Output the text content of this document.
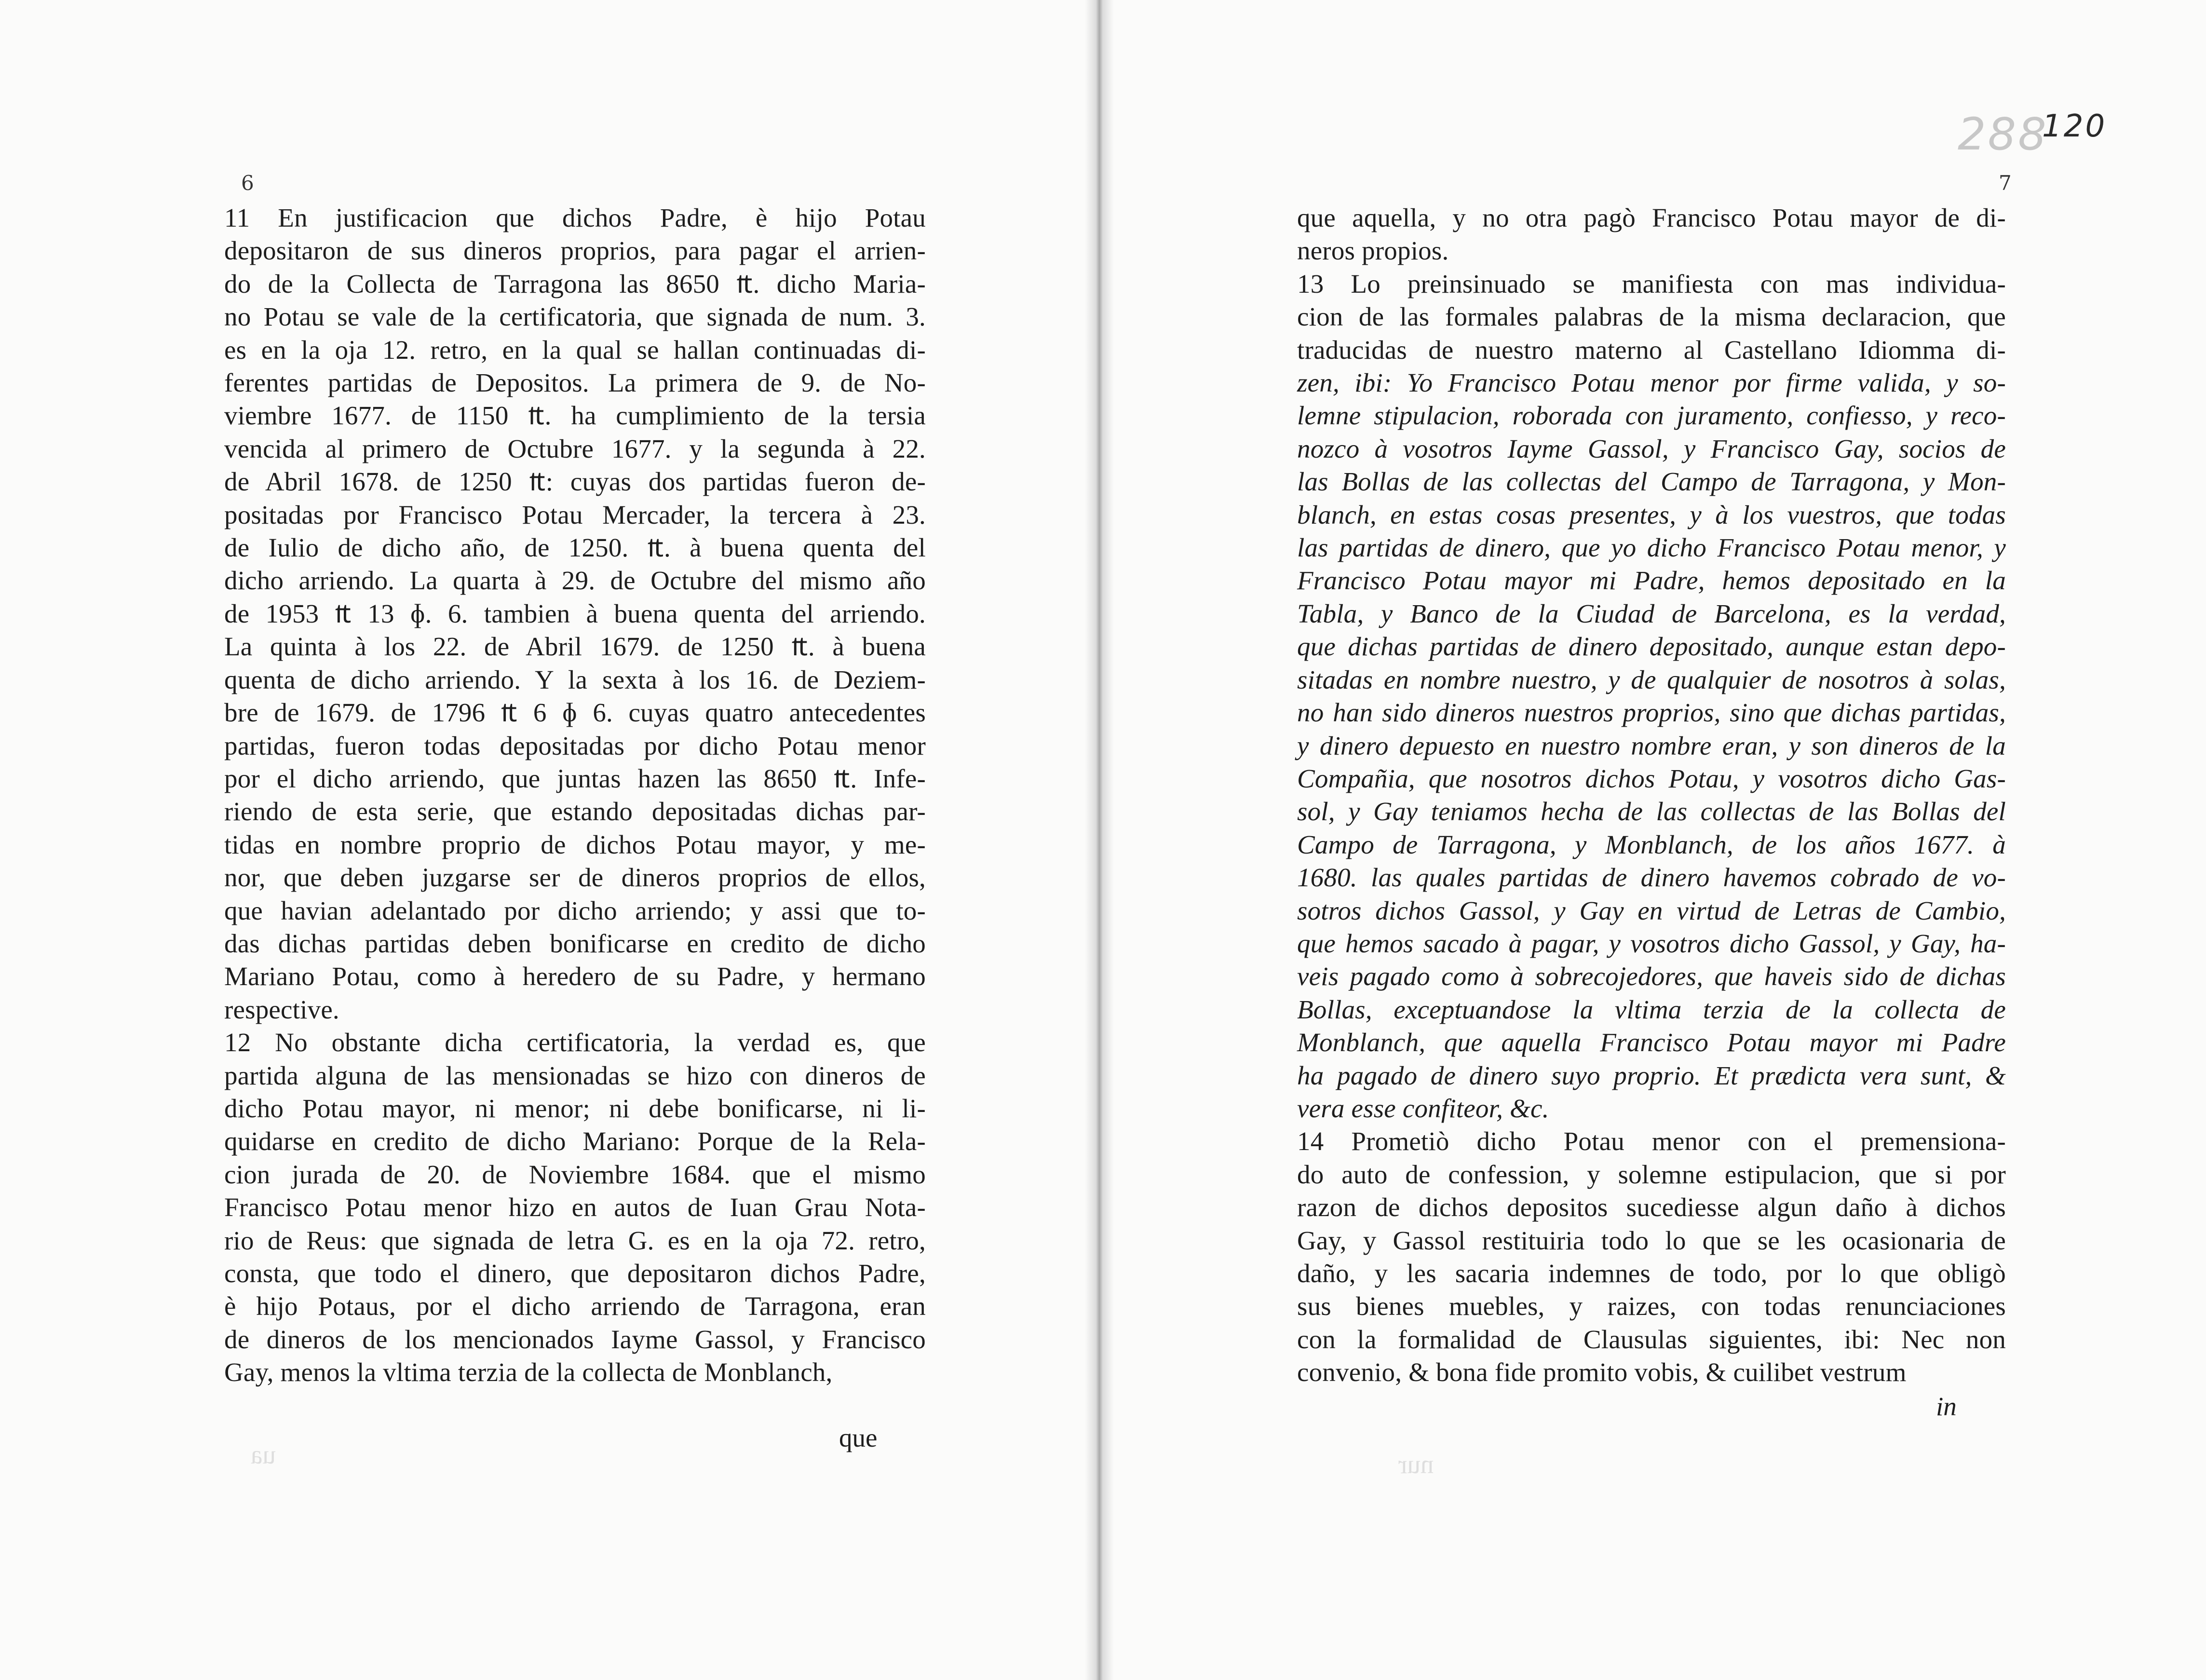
nur
ua
6	7
288
120
11 En justificacion que dichos Padre, è hijo Potau
depositaron de sus dineros proprios, para pagar el arrien-
do de la Collecta de Tarragona las 8650 ₶. dicho Maria-
no Potau se vale de la certificatoria, que signada de num. 3.
es en la oja 12. retro, en la qual se hallan continuadas di-
ferentes partidas de Depositos. La primera de 9. de No-
viembre 1677. de 1150 ₶. ha cumplimiento de la tersia
vencida al primero de Octubre 1677. y la segunda à 22.
de Abril 1678. de 1250 ₶: cuyas dos partidas fueron de-
positadas por Francisco Potau Mercader, la tercera à 23.
de Iulio de dicho año, de 1250. ₶. à buena quenta del
dicho arriendo. La quarta à 29. de Octubre del mismo año
de 1953 ₶ 13 ɸ. 6. tambien à buena quenta del arriendo.
La quinta à los 22. de Abril 1679. de 1250 ₶. à buena
quenta de dicho arriendo. Y la sexta à los 16. de Deziem-
bre de 1679. de 1796 ₶ 6 ɸ 6. cuyas quatro antecedentes
partidas, fueron todas depositadas por dicho Potau menor
por el dicho arriendo, que juntas hazen las 8650 ₶. Infe-
riendo de esta serie, que estando depositadas dichas par-
tidas en nombre proprio de dichos Potau mayor, y me-
nor, que deben juzgarse ser de dineros proprios de ellos,
que havian adelantado por dicho arriendo; y assi que to-
das dichas partidas deben bonificarse en credito de dicho
Mariano Potau, como à heredero de su Padre, y hermano
respective.
12 No obstante dicha certificatoria, la verdad es, que
partida alguna de las mensionadas se hizo con dineros de
dicho Potau mayor, ni menor; ni debe bonificarse, ni li-
quidarse en credito de dicho Mariano: Porque de la Rela-
cion jurada de 20. de Noviembre 1684. que el mismo
Francisco Potau menor hizo en autos de Iuan Grau Nota-
rio de Reus: que signada de letra G. es en la oja 72. retro,
consta, que todo el dinero, que depositaron dichos Padre,
è hijo Potaus, por el dicho arriendo de Tarragona, eran
de dineros de los mencionados Iayme Gassol, y Francisco
Gay, menos la vltima terzia de la collecta de Monblanch,
que
que aquella, y no otra pagò Francisco Potau mayor de di-
neros propios.
13 Lo preinsinuado se manifiesta con mas individua-
cion de las formales palabras de la misma declaracion, que
traducidas de nuestro materno al Castellano Idiomma di-
zen, ibi: Yo Francisco Potau menor por firme valida, y so-
lemne stipulacion, roborada con juramento, confiesso, y reco-
nozco à vosotros Iayme Gassol, y Francisco Gay, socios de
las Bollas de las collectas del Campo de Tarragona, y Mon-
blanch, en estas cosas presentes, y à los vuestros, que todas
las partidas de dinero, que yo dicho Francisco Potau menor, y
Francisco Potau mayor mi Padre, hemos depositado en la
Tabla, y Banco de la Ciudad de Barcelona, es la verdad,
que dichas partidas de dinero depositado, aunque estan depo-
sitadas en nombre nuestro, y de qualquier de nosotros à solas,
no han sido dineros nuestros proprios, sino que dichas partidas,
y dinero depuesto en nuestro nombre eran, y son dineros de la
Compañia, que nosotros dichos Potau, y vosotros dicho Gas-
sol, y Gay teniamos hecha de las collectas de las Bollas del
Campo de Tarragona, y Monblanch, de los años 1677. à
1680. las quales partidas de dinero havemos cobrado de vo-
sotros dichos Gassol, y Gay en virtud de Letras de Cambio,
que hemos sacado à pagar, y vosotros dicho Gassol, y Gay, ha-
veis pagado como à sobrecojedores, que haveis sido de dichas
Bollas, exceptuandose la vltima terzia de la collecta de
Monblanch, que aquella Francisco Potau mayor mi Padre
ha pagado de dinero suyo proprio. Et prædicta vera sunt, &
vera esse confiteor, &c.
14 Prometiò dicho Potau menor con el premensiona-
do auto de confession, y solemne estipulacion, que si por
razon de dichos depositos sucediesse algun daño à dichos
Gay, y Gassol restituiria todo lo que se les ocasionaria de
daño, y les sacaria indemnes de todo, por lo que obligò
sus bienes muebles, y raizes, con todas renunciaciones
con la formalidad de Clausulas siguientes, ibi: Nec non
convenio, & bona fide promito vobis, & cuilibet vestrum
in
